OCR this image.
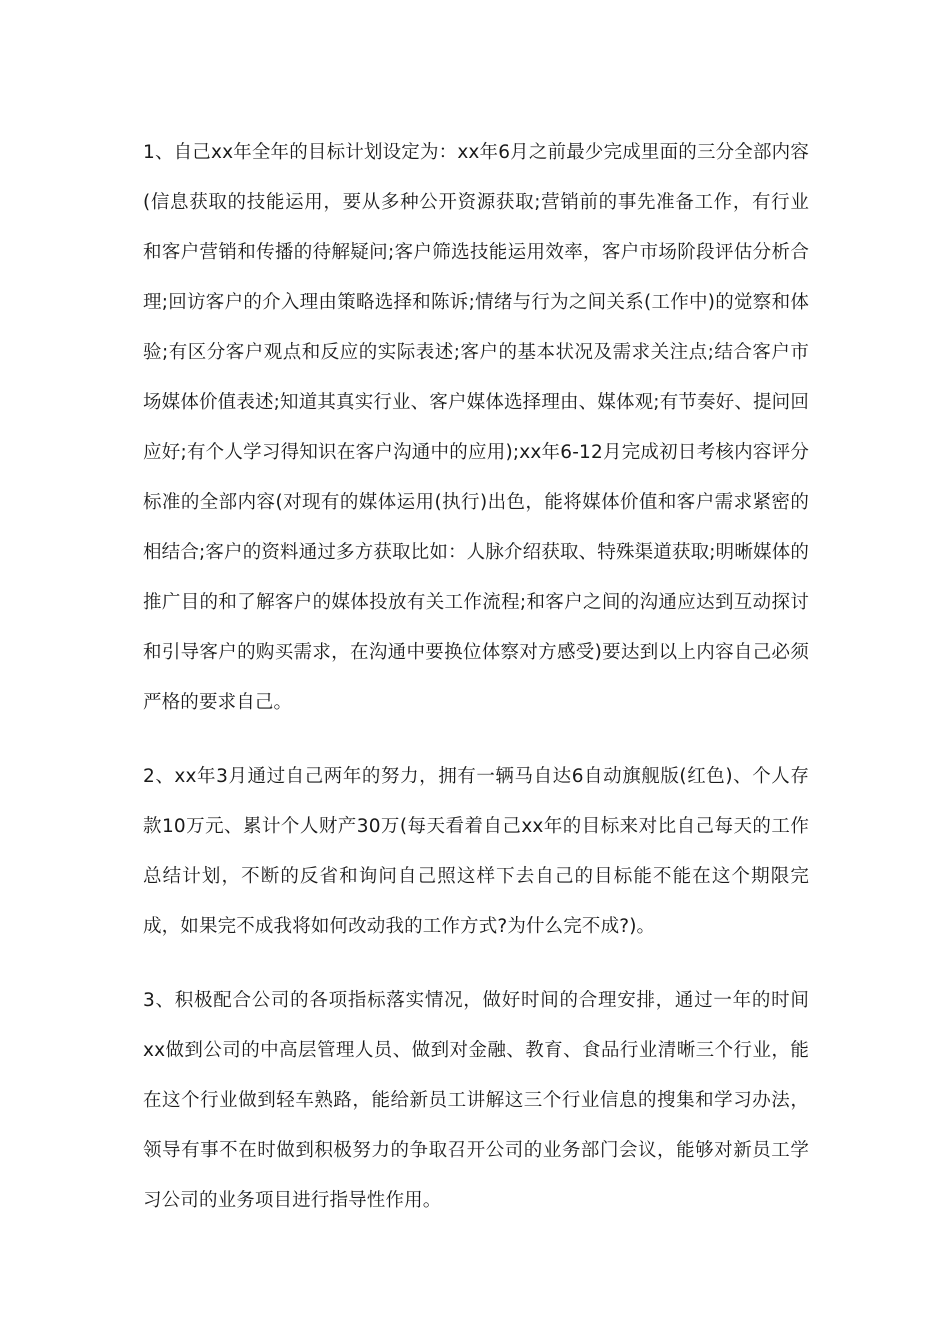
1、自己xx年全年的目标计划设定为：xx年6月之前最少完成里面的三分全部内容(信息获取的技能运用，要从多种公开资源获取;营销前的事先准备工作，有行业和客户营销和传播的待解疑问;客户筛选技能运用效率，客户市场阶段评估分析合理;回访客户的介入理由策略选择和陈诉;情绪与行为之间关系(工作中)的觉察和体验;有区分客户观点和反应的实际表述;客户的基本状况及需求关注点;结合客户市场媒体价值表述;知道其真实行业、客户媒体选择理由、媒体观;有节奏好、提问回应好;有个人学习得知识在客户沟通中的应用);xx年6-12月完成初日考核内容评分标准的全部内容(对现有的媒体运用(执行)出色，能将媒体价值和客户需求紧密的相结合;客户的资料通过多方获取比如：人脉介绍获取、特殊渠道获取;明晰媒体的推广目的和了解客户的媒体投放有关工作流程;和客户之间的沟通应达到互动探讨和引导客户的购买需求，在沟通中要换位体察对方感受)要达到以上内容自己必须严格的要求自己。

2、xx年3月通过自己两年的努力，拥有一辆马自达6自动旗舰版(红色)、个人存款10万元、累计个人财产30万(每天看着自己xx年的目标来对比自己每天的工作总结计划，不断的反省和询问自己照这样下去自己的目标能不能在这个期限完成，如果完不成我将如何改动我的工作方式?为什么完不成?)。

3、积极配合公司的各项指标落实情况，做好时间的合理安排，通过一年的时间xx做到公司的中高层管理人员、做到对金融、教育、食品行业清晰三个行业，能在这个行业做到轻车熟路，能给新员工讲解这三个行业信息的搜集和学习办法，领导有事不在时做到积极努力的争取召开公司的业务部门会议，能够对新员工学习公司的业务项目进行指导性作用。
